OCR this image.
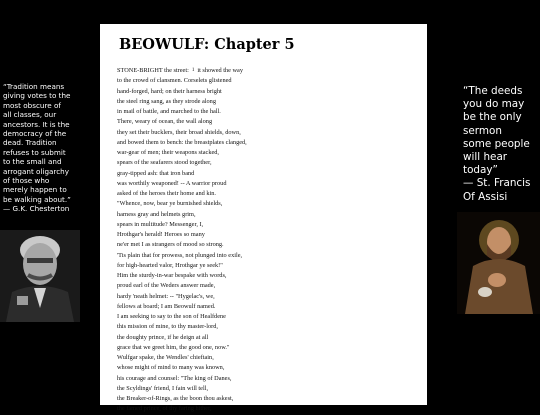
“Tradition means
giving votes to the
most obscure of
all classes, our
ancestors. It is the
democracy of the
dead. Tradition
refuses to submit
to the small and
arrogant oligarchy
of those who
merely happen to
be walking about.”
— G.K. Chesterton
“The deeds
you do may
be the only
sermon
some people
will hear
today”
— St. Francis
Of Assisi
BEOWULF: Chapter 5
STONE-BRIGHT the street: $^1$ it showed the way
to the crowd of clansmen. Corselets glistened
hand-forged, hard; on their harness bright
the steel ring sang, as they strode along
in mail of battle, and marched to the hall.
There, weary of ocean, the wall along
they set their bucklers, their broad shields, down,
and bowed them to bench: the breastplates clanged,
war-gear of men; their weapons stacked,
spears of the seafarers stood together,
gray-tipped ash: that iron band
was worthily weaponed! -- A warrior proud
asked of the heroes their home and kin.
"Whence, now, bear ye burnished shields,
harness gray and helmets grim,
spears in multitude? Messenger, I,
Hrothgar's herald! Heroes so many
ne'er met I as strangers of mood so strong.
'Tis plain that for prowess, not plunged into exile,
for high-hearted valor, Hrothgar ye seek!"
Him the sturdy-in-war bespake with words,
proud earl of the Weders answer made,
hardy 'neath helmet: -- "Hygelac's, we,
fellows at board; I am Beowulf named.
I am seeking to say to the son of Healfdene
this mission of mine, to thy master-lord,
the doughty prince, if he deign at all
grace that we greet him, the good one, now."
Wulfgar spake, the Wendles' chieftain,
whose might of mind to many was known,
his courage and counsel: "The king of Danes,
the Scyldings' friend, I fain will tell,
the Breaker-of-Rings, as the boon thou askest,
the famed prince, of thy faring hither,
